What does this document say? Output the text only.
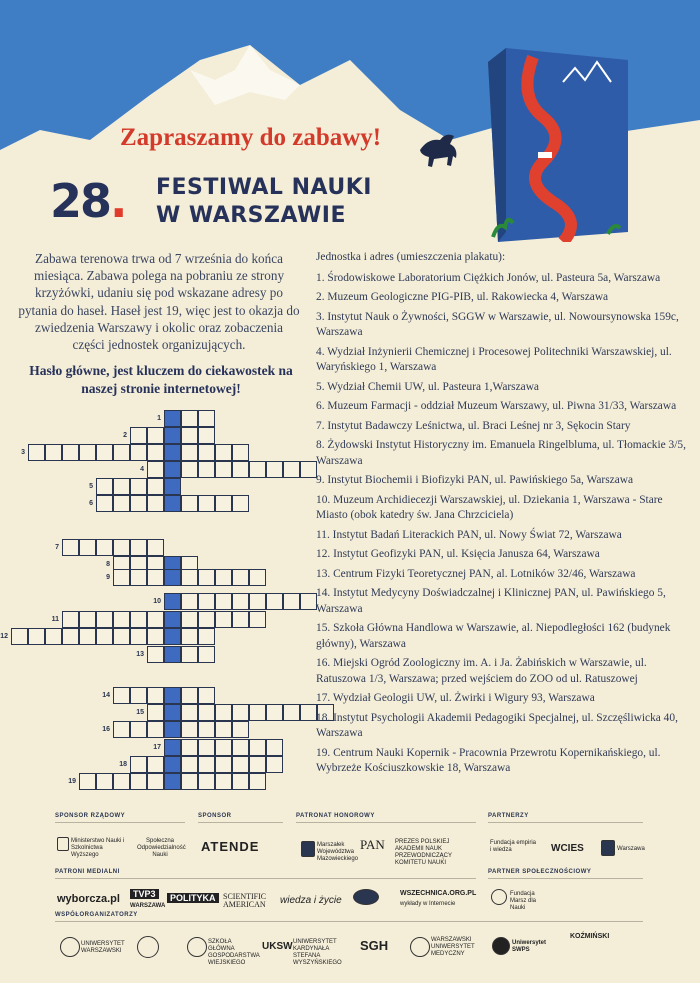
Zapraszamy do zabawy!
28. FESTIWAL NAUKI
W WARSZAWIE
Zabawa terenowa trwa od 7 września do końca miesiąca. Zabawa polega na pobraniu ze strony krzyżówki, udaniu się pod wskazane adresy po pytania do haseł. Haseł jest 19, więc jest to okazja do zwiedzenia Warszawy i okolic oraz zobaczenia części jednostek organizujących.
Hasło główne, jest kluczem do ciekawostek na naszej stronie internetowej!
1
2
3
4
5
6
7
8
9
10
11
12
13
14
15
16
17
18
19
Jednostka i adres (umieszczenia plakatu):
1. Środowiskowe Laboratorium Ciężkich Jonów, ul. Pasteura 5a, Warszawa
2. Muzeum Geologiczne PIG-PIB, ul. Rakowiecka 4, Warszawa
3. Instytut Nauk o Żywności, SGGW w Warszawie, ul. Nowoursynowska 159c, Warszawa
4. Wydział Inżynierii Chemicznej i Procesowej Politechniki Warszawskiej, ul. Waryńskiego 1, Warszawa
5. Wydział Chemii UW, ul. Pasteura 1,Warszawa
6. Muzeum Farmacji - oddział Muzeum Warszawy, ul. Piwna 31/33, Warszawa
7. Instytut Badawczy Leśnictwa, ul. Braci Leśnej nr 3, Sękocin Stary
8. Żydowski Instytut Historyczny im. Emanuela Ringelbluma, ul. Tłomackie 3/5, Warszawa
9. Instytut Biochemii i Biofizyki PAN, ul. Pawińskiego 5a, Warszawa
10. Muzeum Archidiecezji Warszawskiej, ul. Dziekania 1, Warszawa - Stare Miasto (obok katedry św. Jana Chrzciciela)
11. Instytut Badań Literackich PAN, ul. Nowy Świat 72, Warszawa
12. Instytut Geofizyki PAN, ul. Księcia Janusza 64, Warszawa
13. Centrum Fizyki Teoretycznej PAN, al. Lotników 32/46, Warszawa
14. Instytut Medycyny Doświadczalnej i Klinicznej PAN, ul. Pawińskiego 5, Warszawa
15. Szkoła Główna Handlowa w Warszawie, al. Niepodległości 162 (budynek główny), Warszawa
16. Miejski Ogród Zoologiczny im. A. i Ja. Żabińskich w Warszawie, ul. Ratuszowa 1/3, Warszawa; przed wejściem do ZOO od ul. Ratuszowej
17. Wydział Geologii UW, ul. Żwirki i Wigury 93, Warszawa
18. Instytut Psychologii Akademii Pedagogiki Specjalnej, ul. Szczęśliwicka 40, Warszawa
19. Centrum Nauki Kopernik - Pracownia Przewrotu Kopernikańskiego, ul. Wybrzeże Kościuszkowskie 18, Warszawa
SPONSOR RZĄDOWY	SPONSOR	PATRONAT HONOROWY	PARTNERZY
Ministerstwo Nauki i Szkolnictwa Wyższego
Społeczna Odpowiedzialność Nauki
ATENDE	Marszałek Województwa Mazowieckiego
PAN PREZES POLSKIEJ AKADEMII NAUK PRZEWODNICZĄCY KOMITETU NAUKI
Fundacja empiria i wiedza	WCIES	Warszawa
PATRONI MEDIALNI	PARTNER SPOŁECZNOŚCIOWY
wyborcza.pl	TVP3
WARSZAWA
POLITYKA SCIENTIFIC AMERICAN wiedza i życie
WSZECHNICA.ORG.PL
wykłady w Internecie
Fundacja Marsz dla Nauki
WSPÓŁORGANIZATORZY
UNIWERSYTET WARSZAWSKI
SZKOŁA GŁÓWNA GOSPODARSTWA WIEJSKIEGO
UKSW UNIWERSYTET KARDYNAŁA STEFANA WYSZYŃSKIEGO
SGH	WARSZAWSKI UNIWERSYTET MEDYCZNY
Uniwersytet SWPS
KOŹMIŃSKI
